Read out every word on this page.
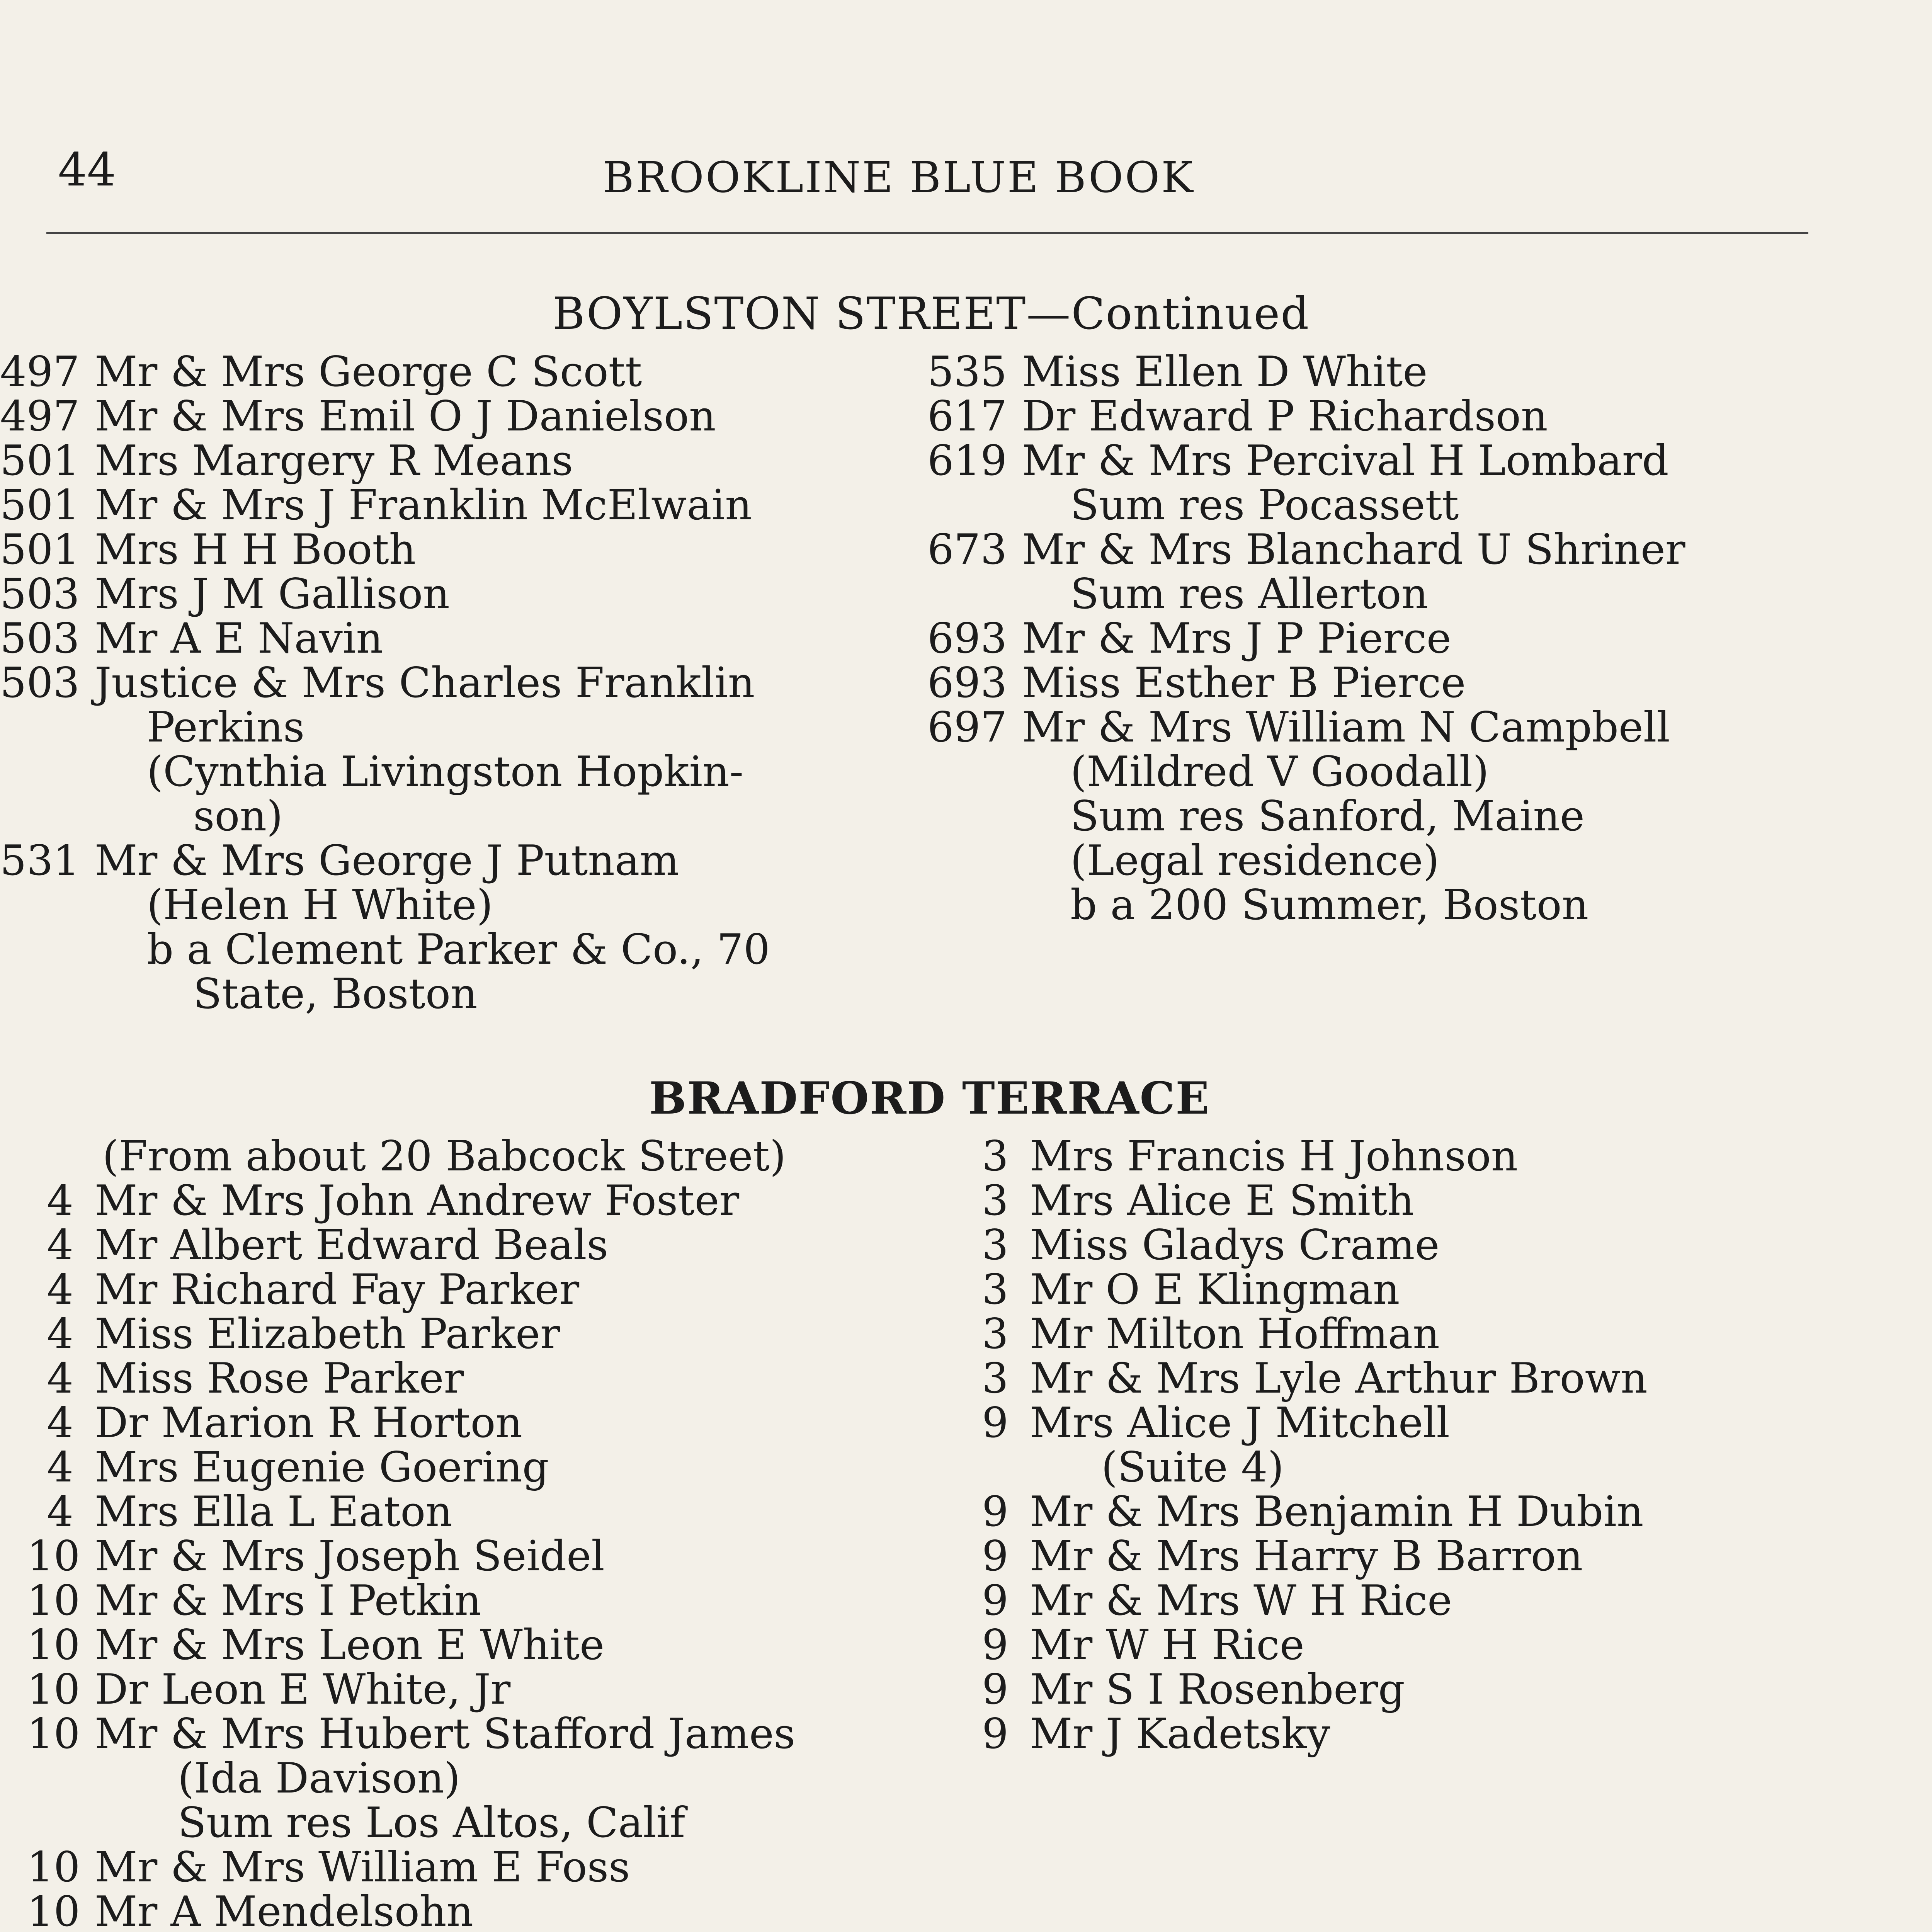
44	BROOKLINE BLUE BOOK
BOYLSTON STREET—Continued
497 Mr & Mrs George C Scott
497 Mr & Mrs Emil O J Danielson
501 Mrs Margery R Means
501 Mr & Mrs J Franklin McElwain
501 Mrs H H Booth
503 Mrs J M Gallison
503 Mr A E Navin
503 Justice & Mrs Charles Franklin
Perkins
(Cynthia Livingston Hopkin-
son)
531 Mr & Mrs George J Putnam
(Helen H White)
b a Clement Parker & Co., 70
State, Boston
535 Miss Ellen D White
617 Dr Edward P Richardson
619 Mr & Mrs Percival H Lombard
Sum res Pocassett
673 Mr & Mrs Blanchard U Shriner
Sum res Allerton
693 Mr & Mrs J P Pierce
693 Miss Esther B Pierce
697 Mr & Mrs William N Campbell
(Mildred V Goodall)
Sum res Sanford, Maine
(Legal residence)
b a 200 Summer, Boston
BRADFORD TERRACE
(From about 20 Babcock Street)
4 Mr & Mrs John Andrew Foster
4 Mr Albert Edward Beals
4 Mr Richard Fay Parker
4 Miss Elizabeth Parker
4 Miss Rose Parker
4 Dr Marion R Horton
4 Mrs Eugenie Goering
4 Mrs Ella L Eaton
10 Mr & Mrs Joseph Seidel
10 Mr & Mrs I Petkin
10 Mr & Mrs Leon E White
10 Dr Leon E White, Jr
10 Mr & Mrs Hubert Stafford James
(Ida Davison)
Sum res Los Altos, Calif
10 Mr & Mrs William E Foss
10 Mr A Mendelsohn
3 Mrs Francis H Johnson
3 Mrs Alice E Smith
3 Miss Gladys Crame
3 Mr O E Klingman
3 Mr Milton Hoffman
3 Mr & Mrs Lyle Arthur Brown
9 Mrs Alice J Mitchell
(Suite 4)
9 Mr & Mrs Benjamin H Dubin
9 Mr & Mrs Harry B Barron
9 Mr & Mrs W H Rice
9 Mr W H Rice
9 Mr S I Rosenberg
9 Mr J Kadetsky
